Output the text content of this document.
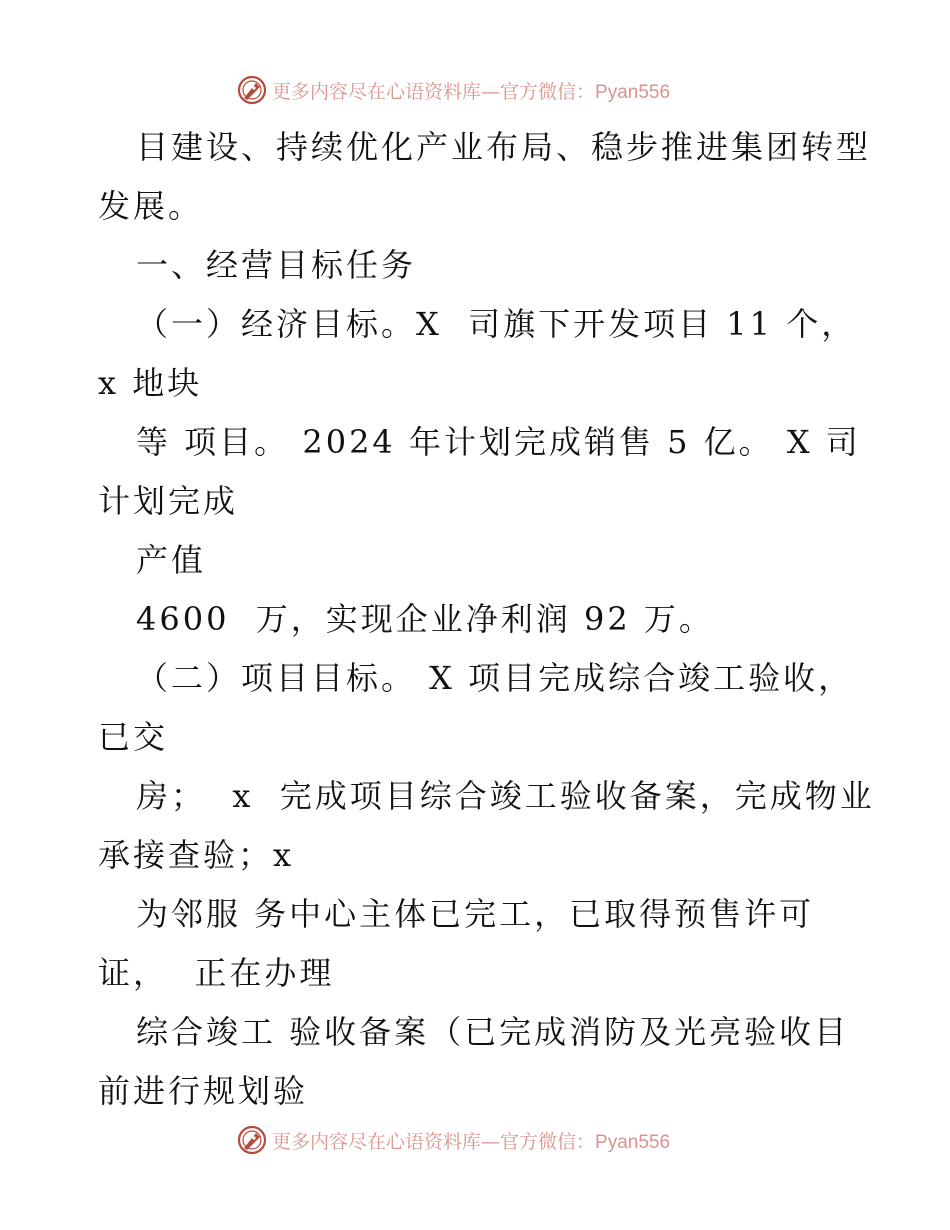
更多内容尽在心语资料库—官方微信：Pyan556
目建设、持续优化产业布局、稳步推进集团转型
发展。
一、经营目标任务
（一）经济目标。X  司旗下开发项目 11 个，
x 地块
等 项目。 2024 年计划完成销售 5 亿。 X 司
计划完成
产值
4600  万，实现企业净利润 92 万。
（二）项目目标。 X 项目完成综合竣工验收，
已交
房；  x  完成项目综合竣工验收备案，完成物业
承接查验；x
为邻服 务中心主体已完工，已取得预售许可
证，  正在办理
综合竣工 验收备案（已完成消防及光亮验收目
前进行规划验
更多内容尽在心语资料库—官方微信：Pyan556
